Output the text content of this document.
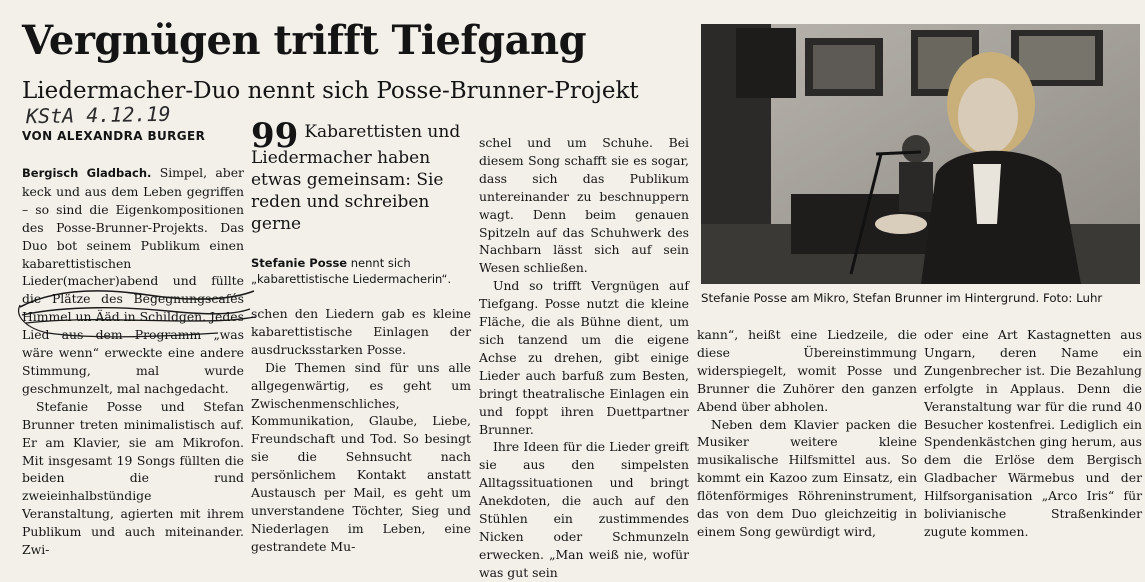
Vergnügen trifft Tiefgang
Liedermacher-Duo nennt sich Posse-Brunner-Projekt
KStA 4.12.19
VON ALEXANDRA BURGER

Bergisch Gladbach. Simpel, aber keck und aus dem Leben gegriffen – so sind die Eigenkompositionen des Posse-Brunner-Projekts. Das Duo bot seinem Publikum einen kabarettistischen Lieder(macher)abend und füllte die Plätze des Begegnungscafés Himmel un Ääd in Schildgen. Jedes Lied aus dem Programm „was wäre wenn“ erweckte eine andere Stimmung, mal wurde geschmunzelt, mal nachgedacht.

Stefanie Posse und Stefan Brunner treten minimalistisch auf. Er am Klavier, sie am Mikrofon. Mit insgesamt 19 Songs füllten die beiden die rund zweieinhalbstündige Veranstaltung, agierten mit ihrem Publikum und auch miteinander. Zwi-

99 Kabarettisten und Liedermacher haben etwas gemeinsam: Sie reden und schreiben gerne
Stefanie Posse nennt sich „kabarettistische Liedermacherin“.

schen den Liedern gab es kleine kabarettistische Einlagen der ausdrucksstarken Posse.

Die Themen sind für uns alle allgegenwärtig, es geht um Zwischenmenschliches, Kommunikation, Glaube, Liebe, Freundschaft und Tod. So besingt sie die Sehnsucht nach persönlichem Kontakt anstatt Austausch per Mail, es geht um unverstandene Töchter, Sieg und Niederlagen im Leben, eine gestrandete Mu-

schel und um Schuhe. Bei diesem Song schafft sie es sogar, dass sich das Publikum untereinander zu beschnuppern wagt. Denn beim genauen Spitzeln auf das Schuhwerk des Nachbarn lässt sich auf sein Wesen schließen.

Und so trifft Vergnügen auf Tiefgang. Posse nutzt die kleine Fläche, die als Bühne dient, um sich tanzend um die eigene Achse zu drehen, gibt einige Lieder auch barfuß zum Besten, bringt theatralische Einlagen ein und foppt ihren Duettpartner Brunner.

Ihre Ideen für die Lieder greift sie aus den simpelsten Alltagssituationen und bringt Anekdoten, die auch auf den Stühlen ein zustimmendes Nicken oder Schmunzeln erwecken. „Man weiß nie, wofür was gut sein

Stefanie Posse am Mikro, Stefan Brunner im Hintergrund. Foto: Luhr

kann“, heißt eine Liedzeile, die diese Übereinstimmung widerspiegelt, womit Posse und Brunner die Zuhörer den ganzen Abend über abholen.

Neben dem Klavier packen die Musiker weitere kleine musikalische Hilfsmittel aus. So kommt ein Kazoo zum Einsatz, ein flötenförmiges Röhreninstrument, das von dem Duo gleichzeitig in einem Song gewürdigt wird,

oder eine Art Kastagnetten aus Ungarn, deren Name ein Zungenbrecher ist. Die Bezahlung erfolgte in Applaus. Denn die Veranstaltung war für die rund 40 Besucher kostenfrei. Lediglich ein Spendenkästchen ging herum, aus dem die Erlöse dem Bergisch Gladbacher Wärmebus und der Hilfsorganisation „Arco Iris“ für bolivianische Straßenkinder zugute kommen.
